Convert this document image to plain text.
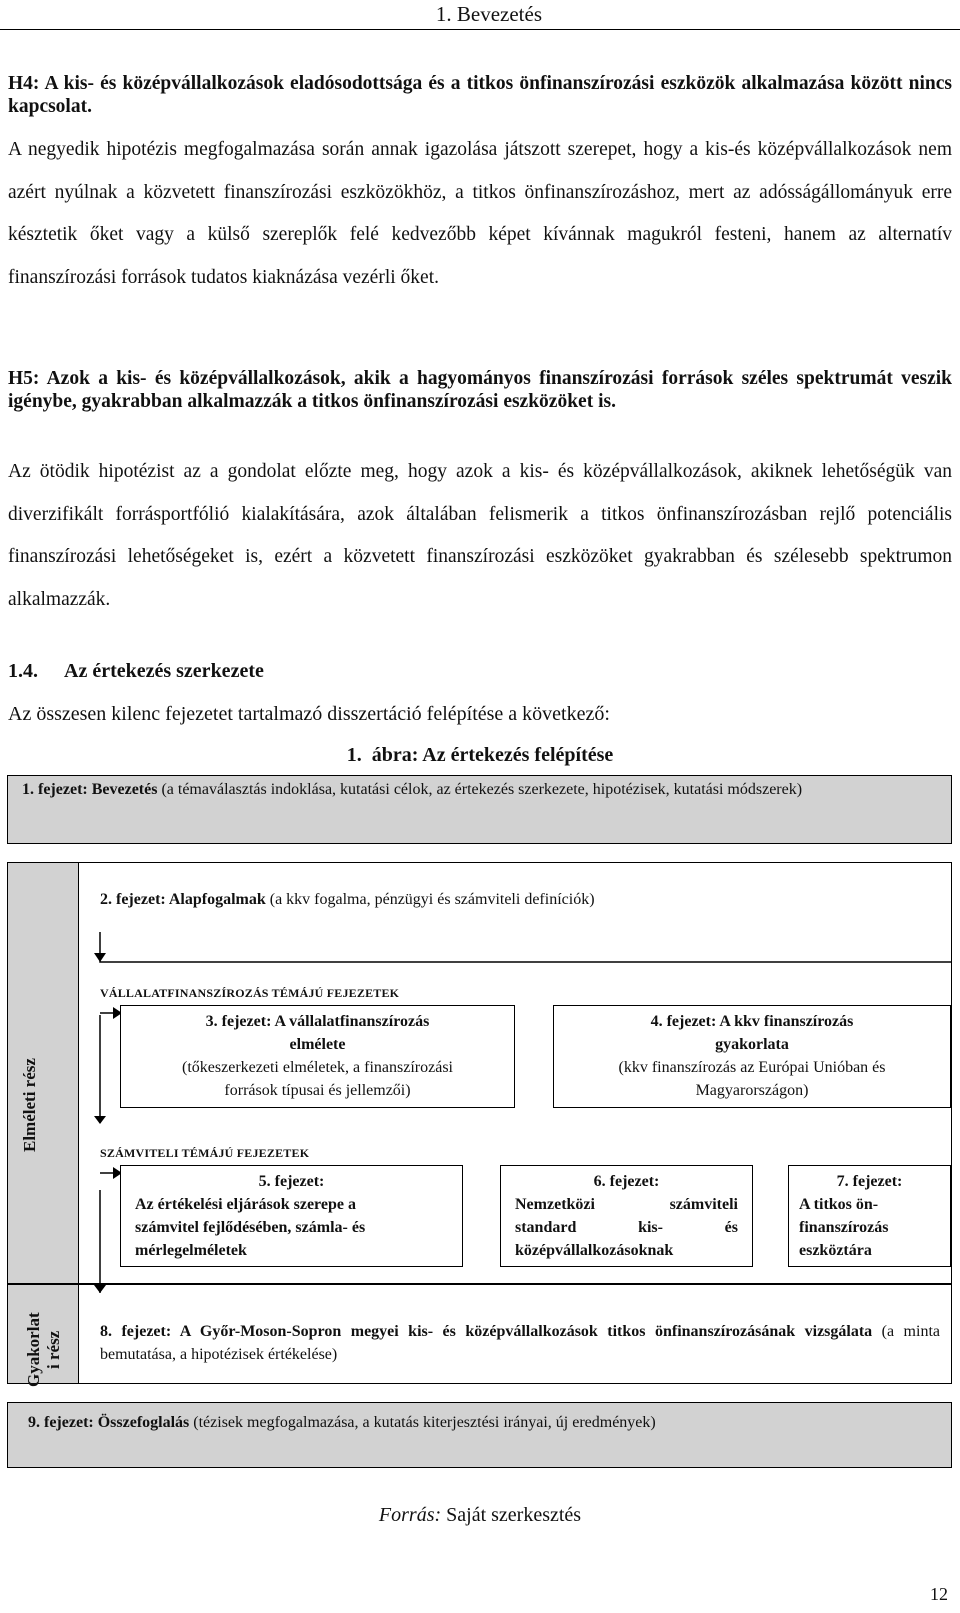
1. Bevezetés
H4: A kis- és középvállalkozások eladósodottsága és a titkos önfinanszírozási eszközök alkalmazása között nincs kapcsolat.

A negyedik hipotézis megfogalmazása során annak igazolása játszott szerepet, hogy a kis-és középvállalkozások nem azért nyúlnak a közvetett finanszírozási eszközökhöz, a titkos önfinanszírozáshoz, mert az adósságállományuk erre késztetik őket vagy a külső szereplők felé kedvezőbb képet kívánnak magukról festeni, hanem az alternatív finanszírozási források tudatos kiaknázása vezérli őket.

H5: Azok a kis- és középvállalkozások, akik a hagyományos finanszírozási források széles spektrumát veszik igénybe, gyakrabban alkalmazzák a titkos önfinanszírozási eszközöket is.

Az ötödik hipotézist az a gondolat előzte meg, hogy azok a kis- és középvállalkozások, akiknek lehetőségük van diverzifikált forrásportfólió kialakítására, azok általában felismerik a titkos önfinanszírozásban rejlő potenciális finanszírozási lehetőségeket is, ezért a közvetett finanszírozási eszközöket gyakrabban és szélesebb spektrumon alkalmazzák.

1.4. Az értekezés szerkezete
Az összesen kilenc fejezetet tartalmazó disszertáció felépítése a következő:
1. ábra: Az értekezés felépítése
1. fejezet: Bevezetés (a témaválasztás indoklása, kutatási célok, az értekezés szerkezete, hipotézisek, kutatási módszerek)
Elméleti rész
Gyakorlat
i rész
2. fejezet: Alapfogalmak (a kkv fogalma, pénzügyi és számviteli definíciók)
VÁLLALATFINANSZÍROZÁS TÉMÁJÚ FEJEZETEK
3. fejezet: A vállalatfinanszírozás
elmélete
(tőkeszerkezeti elméletek, a finanszírozási
források típusai és jellemzői)
4. fejezet: A kkv finanszírozás
gyakorlata
(kkv finanszírozás az Európai Unióban és
Magyarországon)
SZÁMVITELI TÉMÁJÚ FEJEZETEK
5. fejezet:
Az értékelési eljárások szerepe a
számvitel fejlődésében, számla- és
mérlegelméletek
6. fejezet:
Nemzetközi számviteli
standard kis- és
középvállalkozásoknak
7. fejezet:
A titkos ön-
finanszírozás
eszköztára
8. fejezet: A Győr-Moson-Sopron megyei kis- és középvállalkozások titkos önfinanszírozásának vizsgálata (a minta bemutatása, a hipotézisek értékelése)
9. fejezet: Összefoglalás (tézisek megfogalmazása, a kutatás kiterjesztési irányai, új eredmények)
Forrás: Saját szerkesztés
12
